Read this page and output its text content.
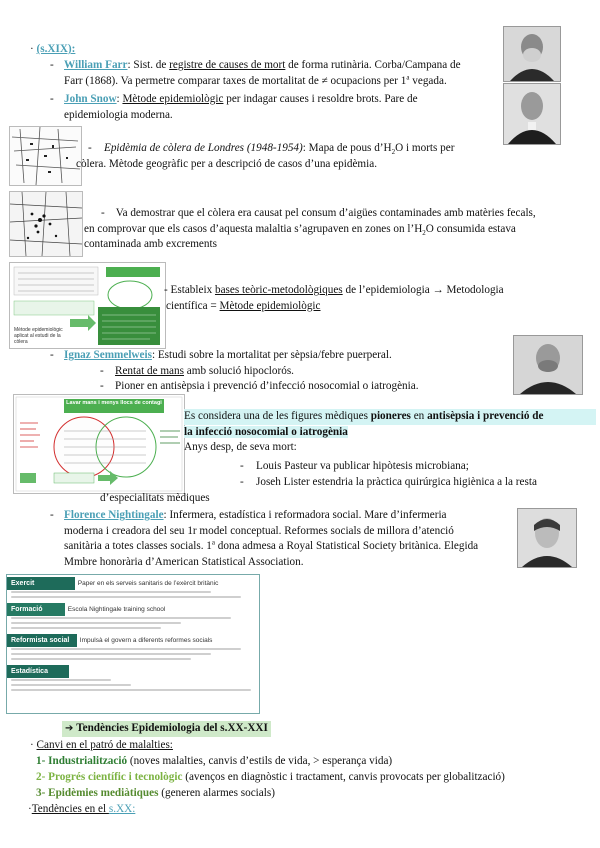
· (s.XIX):
- William Farr: Sist. de registre de causes de mort de forma rutinària. Corba/Campana de
Farr (1868). Va permetre comparar taxes de mortalitat de ≠ ocupacions per 1$^a$ vegada.
- John Snow: Mètode epidemiològic per indagar causes i resoldre brots. Pare de
epidemiologia moderna.
-	Epidèmia de còlera de Londres (1948-1954): Mapa de pous $d’H_2O$ i morts per
còlera. Mètode geogràfic per a descripció de casos d’una epidèmia.
- Va demostrar que el còlera era causat pel consum d’aigües contaminades amb matèries fecals,
en comprovar que els casos d’aquesta malaltia s’agrupaven en zones on $l’H_2O$ consumida estava
contaminada amb excrements
Mètode epidemiològic aplicat al estudi de la còlera
- Estableix bases teòric-metodològiques de l’epidemiologia → Metodologia
científica = Mètode epidemiològic
- Ignaz Semmelweis: Estudi sobre la mortalitat per sèpsia/febre puerperal.
- Rentat de mans amb solució hipoclorós.
- Pioner en antisèpsia i prevenció d’infecció nosocomial o iatrogènia.
Lavar mans i menys llocs de contagi
Es considera una de les figures mèdiques pioneres en antisèpsia i prevenció de
la infecció nosocomial o iatrogènia
Anys desp, de seva mort:
-	Louis Pasteur va publicar hipòtesis microbiana;
-	Joseh Lister estendria la pràctica quirúrgica higiènica a la resta
d’especialitats mèdiques
- Florence Nightingale: Infermera, estadística i reformadora social. Mare d’infermeria
moderna i creadora del seu 1r model conceptual. Reformes socials de millora d’atenció
sanitària a totes classes socials. 1$^a$ dona admesa a Royal Statistical Society britànica. Elegida
Mmbre honorària d’American Statistical Association.
Exercit	Paper en els serveis sanitaris de l’exèrcit britànic
Formació	Escola Nightingale training school
Reformista social Impulsà el govern a diferents reformes socials
Estadística
➔ Tendències Epidemiologia del s.XX-XXI
· Canvi en el patró de malalties:
1- Industrialització (noves malalties, canvis d’estils de vida, > esperança vida)
2- Progrés científic i tecnològic (avenços en diagnòstic i tractament, canvis provocats per globalització)
3- Epidèmies mediàtiques (generen alarmes socials)
·Tendències en el s.XX:
